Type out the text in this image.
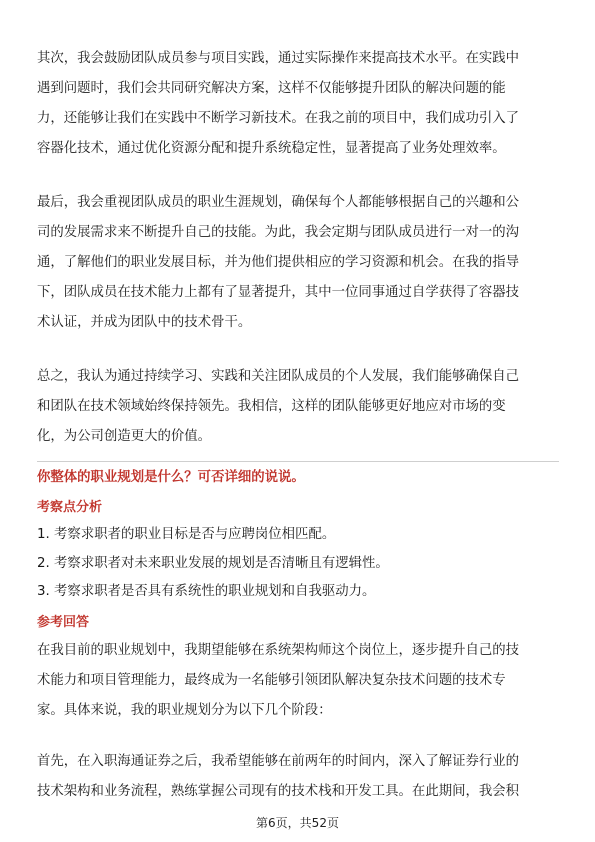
其次，我会鼓励团队成员参与项目实践，通过实际操作来提高技术水平。在实践中

遇到问题时，我们会共同研究解决方案，这样不仅能够提升团队的解决问题的能

力，还能够让我们在实践中不断学习新技术。在我之前的项目中，我们成功引入了

容器化技术，通过优化资源分配和提升系统稳定性，显著提高了业务处理效率。

最后，我会重视团队成员的职业生涯规划，确保每个人都能够根据自己的兴趣和公

司的发展需求来不断提升自己的技能。为此，我会定期与团队成员进行一对一的沟

通，了解他们的职业发展目标，并为他们提供相应的学习资源和机会。在我的指导

下，团队成员在技术能力上都有了显著提升，其中一位同事通过自学获得了容器技

术认证，并成为团队中的技术骨干。

总之，我认为通过持续学习、实践和关注团队成员的个人发展，我们能够确保自己

和团队在技术领域始终保持领先。我相信，这样的团队能够更好地应对市场的变

化，为公司创造更大的价值。

你整体的职业规划是什么？可否详细的说说。
考察点分析
1. 考察求职者的职业目标是否与应聘岗位相匹配。
2. 考察求职者对未来职业发展的规划是否清晰且有逻辑性。
3. 考察求职者是否具有系统性的职业规划和自我驱动力。
参考回答

在我目前的职业规划中，我期望能够在系统架构师这个岗位上，逐步提升自己的技

术能力和项目管理能力，最终成为一名能够引领团队解决复杂技术问题的技术专

家。具体来说，我的职业规划分为以下几个阶段：

首先，在入职海通证券之后，我希望能够在前两年的时间内，深入了解证券行业的

技术架构和业务流程，熟练掌握公司现有的技术栈和开发工具。在此期间，我会积

第6页，共52页
